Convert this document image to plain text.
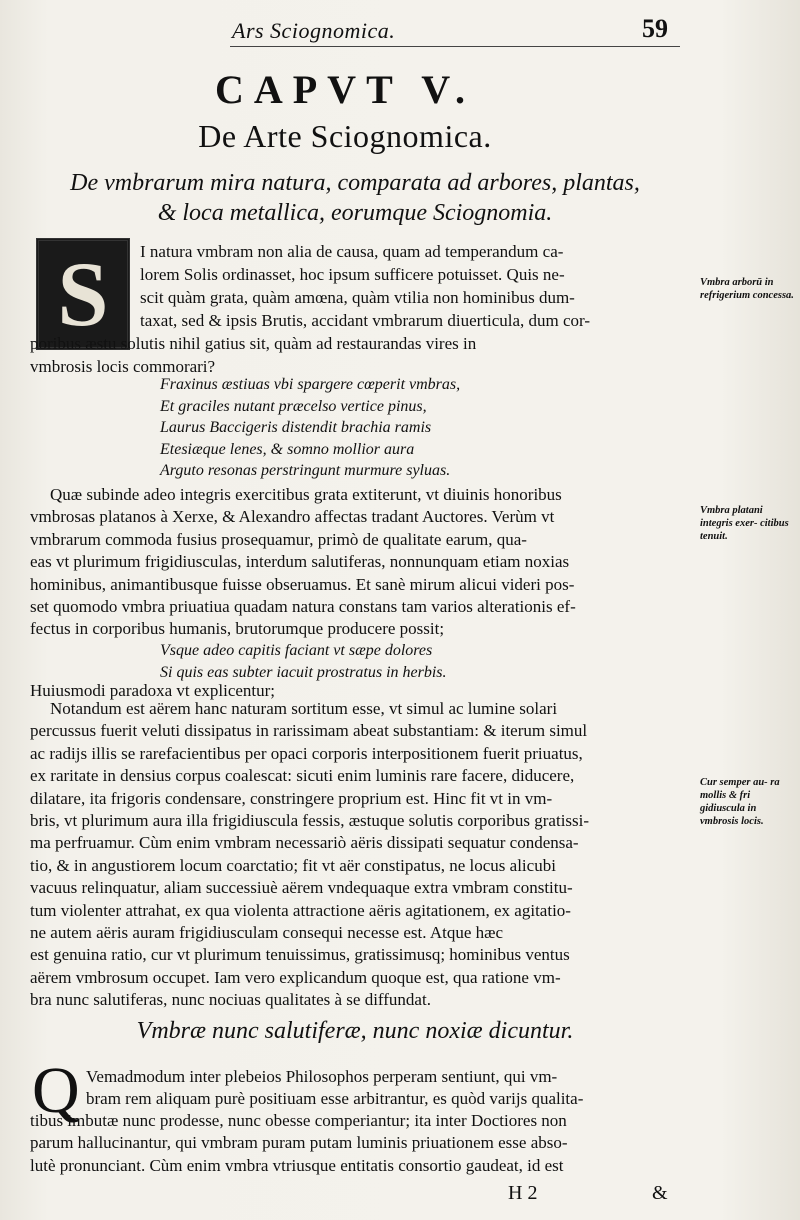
Ars Sciognomica.	59
CAPVT V.
De Arte Sciognomica.
De vmbrarum mira natura, comparata ad arbores, plantas,
& loca metallica, eorumque Sciognomia.
S I natura vmbram non alia de causa, quam ad temperandum ca-
lorem Solis ordinasset, hoc ipsum sufficere potuisset. Quis ne-
scit quàm grata, quàm amœna, quàm vtilia non hominibus dum-
taxat, sed & ipsis Brutis, accidant vmbrarum diuerticula, dum cor-
poribus æstu solutis nihil gatius sit, quàm ad restaurandas vires in
vmbrosis locis commorari?
Fraxinus æstiuas vbi spargere cœperit vmbras,
Et graciles nutant præcelso vertice pinus,
Laurus Baccigeris distendit brachia ramis
Etesiæque lenes, & somno mollior aura
Arguto resonas perstringunt murmure syluas.
Quæ subinde adeo integris exercitibus grata extiterunt, vt diuinis honoribus
vmbrosas platanos à Xerxe, & Alexandro affectas tradant Auctores. Verùm vt
vmbrarum commoda fusius prosequamur, primò de qualitate earum, qua-
eas vt plurimum frigidiusculas, interdum salutiferas, nonnunquam etiam noxias
hominibus, animantibusque fuisse obseruamus. Et sanè mirum alicui videri pos-
set quomodo vmbra priuatiua quadam natura constans tam varios alterationis ef-
fectus in corporibus humanis, brutorumque producere possit;
Vsque adeo capitis faciant vt sæpe dolores
Si quis eas subter iacuit prostratus in herbis.
Huiusmodi paradoxa vt explicentur;
Notandum est aërem hanc naturam sortitum esse, vt simul ac lumine solari
percussus fuerit veluti dissipatus in rarissimam abeat substantiam: & iterum simul
ac radijs illis se rarefacientibus per opaci corporis interpositionem fuerit priuatus,
ex raritate in densius corpus coalescat: sicuti enim luminis rare facere, diducere,
dilatare, ita frigoris condensare, constringere proprium est. Hinc fit vt in vm-
bris, vt plurimum aura illa frigidiuscula fessis, æstuque solutis corporibus gratissi-
ma perfruamur. Cùm enim vmbram necessariò aëris dissipati sequatur condensa-
tio, & in angustiorem locum coarctatio; fit vt aër constipatus, ne locus alicubi
vacuus relinquatur, aliam successiuè aërem vndequaque extra vmbram constitu-
tum violenter attrahat, ex qua violenta attractione aëris agitationem, ex agitatio-
ne autem aëris auram frigidiusculam consequi necesse est. Atque hæc
est genuina ratio, cur vt plurimum tenuissimus, gratissimusq; hominibus ventus
aërem vmbrosum occupet. Iam vero explicandum quoque est, qua ratione vm-
bra nunc salutiferas, nunc nociuas qualitates à se diffundat.
Vmbræ nunc salutiferæ, nunc noxiæ dicuntur.
Q Vemadmodum inter plebeios Philosophos perperam sentiunt, qui vm-
bram rem aliquam purè positiuam esse arbitrantur, es quòd varijs qualita-
tibus imbutæ nunc prodesse, nunc obesse comperiantur; ita inter Doctiores non
parum hallucinantur, qui vmbram puram putam luminis priuationem esse abso-
lutè pronunciant. Cùm enim vmbra vtriusque entitatis consortio gaudeat, id est
Vmbra arborū in refrigerium concessa.
Vmbra platani integris exer- citibus tenuit.
Cur semper au- ra mollis & fri gidiuscula in vmbrosis locis.
H 2	&
